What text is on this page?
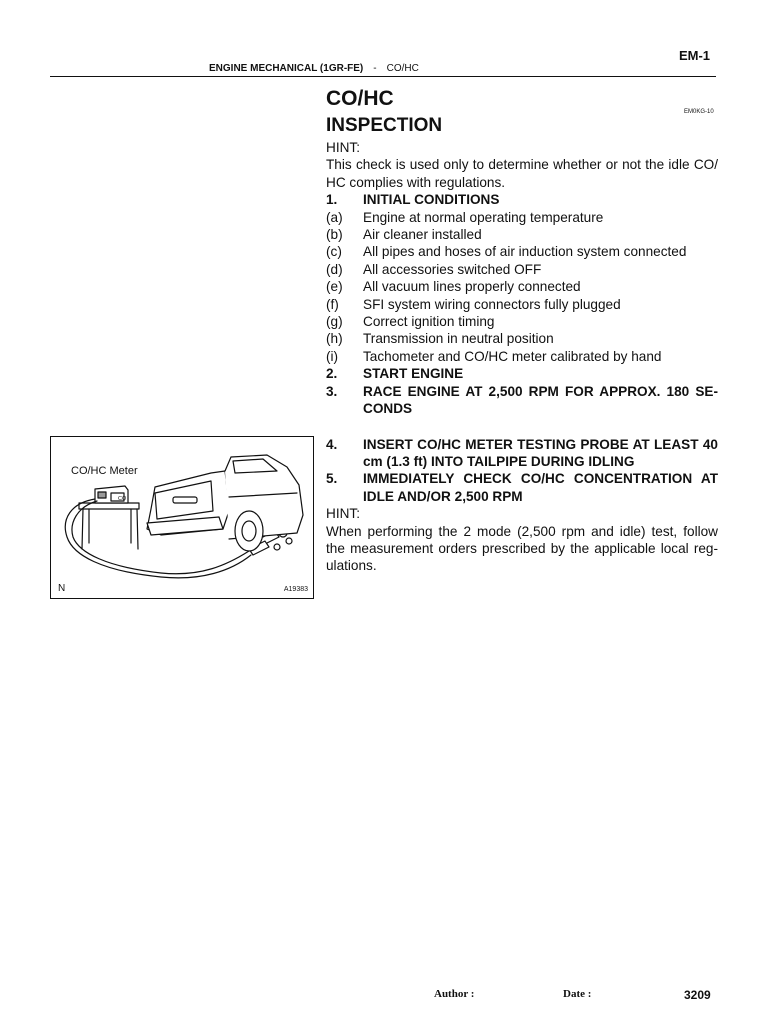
EM-1
ENGINE MECHANICAL (1GR-FE) - CO/HC
EM0KG-10
CO/HC
INSPECTION
HINT:
This check is used only to determine whether or not the idle CO/ HC complies with regulations.
1.	INITIAL CONDITIONS
(a)	Engine at normal operating temperature
(b)	Air cleaner installed
(c)	All pipes and hoses of air induction system connected
(d)	All accessories switched OFF
(e)	All vacuum lines properly connected
(f)	SFI system wiring connectors fully plugged
(g)	Correct ignition timing
(h)	Transmission in neutral position
(i)	Tachometer and CO/HC meter calibrated by hand
2.	START ENGINE
3.	RACE ENGINE AT 2,500 RPM FOR APPROX. 180 SE-CONDS
4.	INSERT CO/HC METER TESTING PROBE AT LEAST 40 cm (1.3 ft) INTO TAILPIPE DURING IDLING
5.	IMMEDIATELY CHECK CO/HC CONCENTRATION AT IDLE AND/OR 2,500 RPM
HINT:
When performing the 2 mode (2,500 rpm and idle) test, follow the measurement orders prescribed by the applicable local reg-ulations.
CO
CO/HC Meter
N	A19383
Author :	Date :	3209
